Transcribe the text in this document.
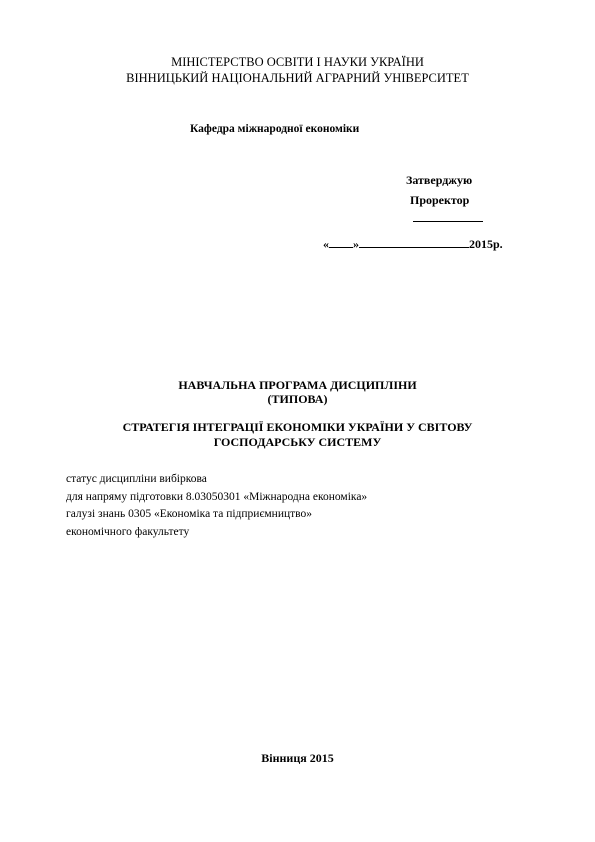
МІНІСТЕРСТВО ОСВІТИ І НАУКИ УКРАЇНИ
ВІННИЦЬКИЙ НАЦІОНАЛЬНИЙ АГРАРНИЙ УНІВЕРСИТЕТ
Кафедра міжнародної економіки
Затверджую
Проректор
« »	2015р.
НАВЧАЛЬНА ПРОГРАМА ДИСЦИПЛІНИ
(ТИПОВА)
СТРАТЕГІЯ ІНТЕГРАЦІЇ ЕКОНОМІКИ УКРАЇНИ У СВІТОВУ
ГОСПОДАРСЬКУ СИСТЕМУ
статус дисципліни вибіркова
для напряму підготовки 8.03050301 «Міжнародна економіка»
галузі знань 0305 «Економіка та підприємництво»
економічного факультету
Вінниця 2015
